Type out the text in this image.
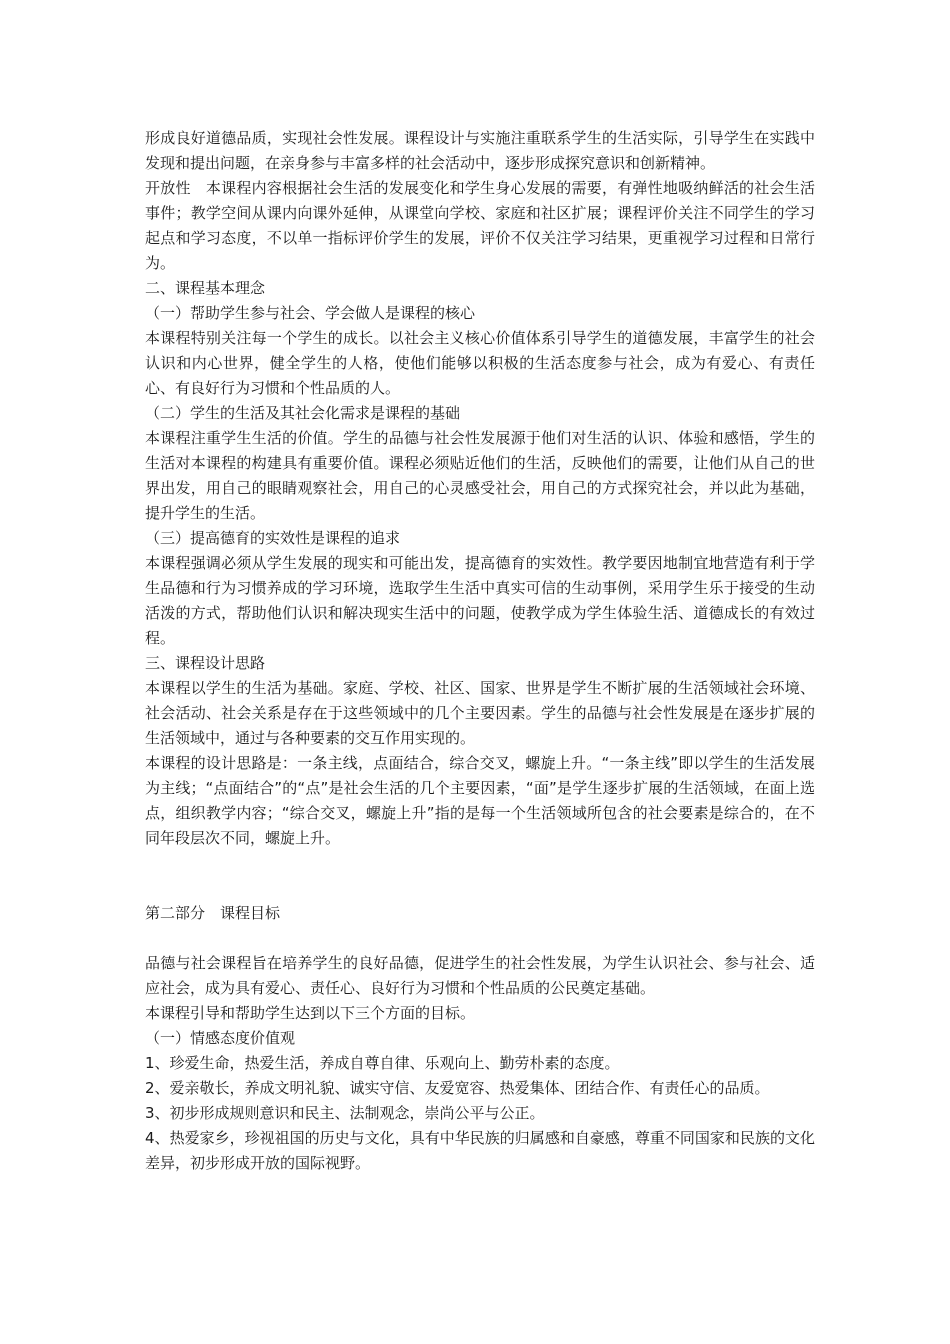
形成良好道德品质，实现社会性发展。课程设计与实施注重联系学生的生活实际，引导学生在实践中发现和提出问题，在亲身参与丰富多样的社会活动中，逐步形成探究意识和创新精神。

开放性　本课程内容根据社会生活的发展变化和学生身心发展的需要，有弹性地吸纳鲜活的社会生活事件；教学空间从课内向课外延伸，从课堂向学校、家庭和社区扩展；课程评价关注不同学生的学习起点和学习态度，不以单一指标评价学生的发展，评价不仅关注学习结果，更重视学习过程和日常行为。

二、课程基本理念

（一）帮助学生参与社会、学会做人是课程的核心

本课程特别关注每一个学生的成长。以社会主义核心价值体系引导学生的道德发展，丰富学生的社会认识和内心世界，健全学生的人格，使他们能够以积极的生活态度参与社会，成为有爱心、有责任心、有良好行为习惯和个性品质的人。

（二）学生的生活及其社会化需求是课程的基础

本课程注重学生生活的价值。学生的品德与社会性发展源于他们对生活的认识、体验和感悟，学生的生活对本课程的构建具有重要价值。课程必须贴近他们的生活，反映他们的需要，让他们从自己的世界出发，用自己的眼睛观察社会，用自己的心灵感受社会，用自己的方式探究社会，并以此为基础，提升学生的生活。

（三）提高德育的实效性是课程的追求

本课程强调必须从学生发展的现实和可能出发，提高德育的实效性。教学要因地制宜地营造有利于学生品德和行为习惯养成的学习环境，选取学生生活中真实可信的生动事例，采用学生乐于接受的生动活泼的方式，帮助他们认识和解决现实生活中的问题，使教学成为学生体验生活、道德成长的有效过程。

三、课程设计思路

本课程以学生的生活为基础。家庭、学校、社区、国家、世界是学生不断扩展的生活领域社会环境、社会活动、社会关系是存在于这些领域中的几个主要因素。学生的品德与社会性发展是在逐步扩展的生活领域中，通过与各种要素的交互作用实现的。

本课程的设计思路是：一条主线，点面结合，综合交叉，螺旋上升。“一条主线”即以学生的生活发展为主线；“点面结合”的“点”是社会生活的几个主要因素，“面”是学生逐步扩展的生活领域，在面上选点，组织教学内容；“综合交叉，螺旋上升”指的是每一个生活领域所包含的社会要素是综合的，在不同年段层次不同，螺旋上升。

第二部分　课程目标

品德与社会课程旨在培养学生的良好品德，促进学生的社会性发展，为学生认识社会、参与社会、适应社会，成为具有爱心、责任心、良好行为习惯和个性品质的公民奠定基础。

本课程引导和帮助学生达到以下三个方面的目标。

（一）情感态度价值观

1、珍爱生命，热爱生活，养成自尊自律、乐观向上、勤劳朴素的态度。

2、爱亲敬长，养成文明礼貌、诚实守信、友爱宽容、热爱集体、团结合作、有责任心的品质。

3、初步形成规则意识和民主、法制观念，崇尚公平与公正。

4、热爱家乡，珍视祖国的历史与文化，具有中华民族的归属感和自豪感，尊重不同国家和民族的文化差异，初步形成开放的国际视野。
